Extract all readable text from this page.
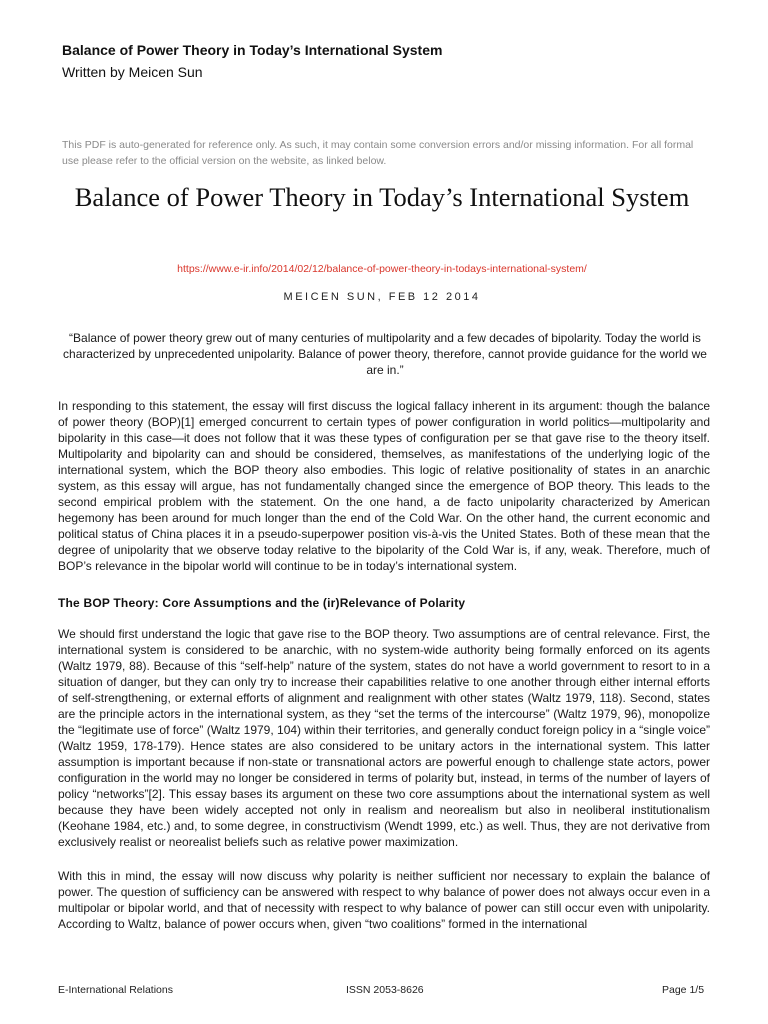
Balance of Power Theory in Today’s International System
Written by Meicen Sun
This PDF is auto-generated for reference only. As such, it may contain some conversion errors and/or missing information. For all formal use please refer to the official version on the website, as linked below.
Balance of Power Theory in Today’s International System
https://www.e-ir.info/2014/02/12/balance-of-power-theory-in-todays-international-system/
MEICEN SUN, FEB 12 2014
“Balance of power theory grew out of many centuries of multipolarity and a few decades of bipolarity. Today the world is characterized by unprecedented unipolarity. Balance of power theory, therefore, cannot provide guidance for the world we are in.”

In responding to this statement, the essay will first discuss the logical fallacy inherent in its argument: though the balance of power theory (BOP)[1] emerged concurrent to certain types of power configuration in world politics—multipolarity and bipolarity in this case—it does not follow that it was these types of configuration per se that gave rise to the theory itself. Multipolarity and bipolarity can and should be considered, themselves, as manifestations of the underlying logic of the international system, which the BOP theory also embodies. This logic of relative positionality of states in an anarchic system, as this essay will argue, has not fundamentally changed since the emergence of BOP theory. This leads to the second empirical problem with the statement. On the one hand, a de facto unipolarity characterized by American hegemony has been around for much longer than the end of the Cold War. On the other hand, the current economic and political status of China places it in a pseudo-superpower position vis-à-vis the United States. Both of these mean that the degree of unipolarity that we observe today relative to the bipolarity of the Cold War is, if any, weak. Therefore, much of BOP’s relevance in the bipolar world will continue to be in today’s international system.

The BOP Theory: Core Assumptions and the (ir)Relevance of Polarity

We should first understand the logic that gave rise to the BOP theory. Two assumptions are of central relevance. First, the international system is considered to be anarchic, with no system-wide authority being formally enforced on its agents (Waltz 1979, 88). Because of this “self-help” nature of the system, states do not have a world government to resort to in a situation of danger, but they can only try to increase their capabilities relative to one another through either internal efforts of self-strengthening, or external efforts of alignment and realignment with other states (Waltz 1979, 118). Second, states are the principle actors in the international system, as they “set the terms of the intercourse” (Waltz 1979, 96), monopolize the “legitimate use of force” (Waltz 1979, 104) within their territories, and generally conduct foreign policy in a “single voice” (Waltz 1959, 178-179). Hence states are also considered to be unitary actors in the international system. This latter assumption is important because if non-state or transnational actors are powerful enough to challenge state actors, power configuration in the world may no longer be considered in terms of polarity but, instead, in terms of the number of layers of policy “networks”[2]. This essay bases its argument on these two core assumptions about the international system as well because they have been widely accepted not only in realism and neorealism but also in neoliberal institutionalism (Keohane 1984, etc.) and, to some degree, in constructivism (Wendt 1999, etc.) as well. Thus, they are not derivative from exclusively realist or neorealist beliefs such as relative power maximization.

With this in mind, the essay will now discuss why polarity is neither sufficient nor necessary to explain the balance of power. The question of sufficiency can be answered with respect to why balance of power does not always occur even in a multipolar or bipolar world, and that of necessity with respect to why balance of power can still occur even with unipolarity. According to Waltz, balance of power occurs when, given “two coalitions” formed in the international

E-International Relations	ISSN 2053-8626	Page 1/5
